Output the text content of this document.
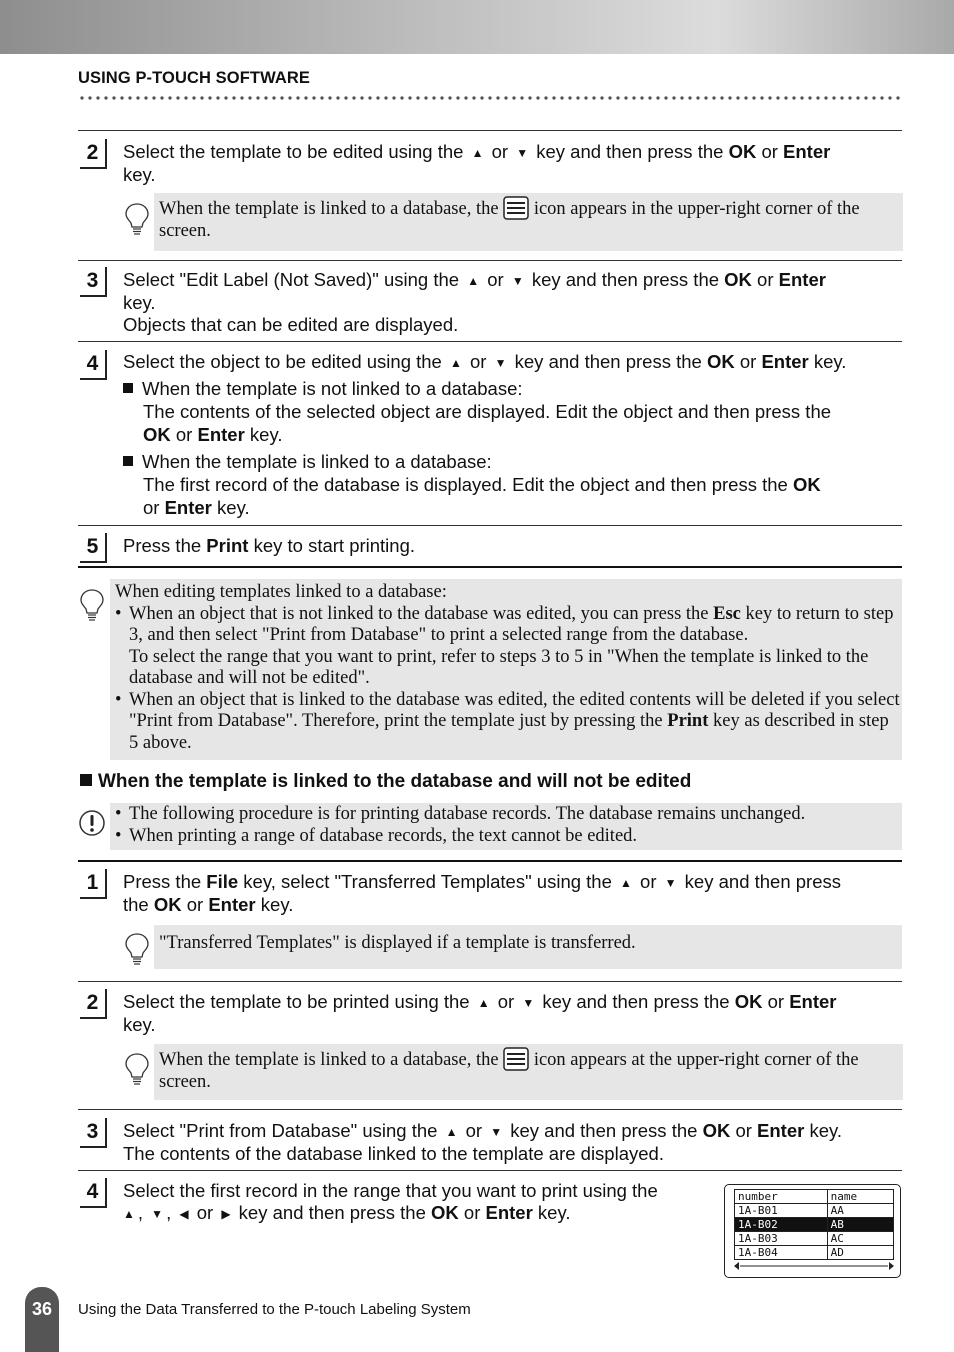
USING P-TOUCH SOFTWARE
2	Select the template to be edited using the ▲ or ▼ key and then press the OK or Enter
key.
When the template is linked to a database, the  icon appears in the upper-right corner of the screen.
3	Select "Edit Label (Not Saved)" using the ▲ or ▼ key and then press the OK or Enter
key.
Objects that can be edited are displayed.
4	Select the object to be edited using the ▲ or ▼ key and then press the OK or Enter key.
When the template is not linked to a database:
The contents of the selected object are displayed. Edit the object and then press the
OK or Enter key.
When the template is linked to a database:
The first record of the database is displayed. Edit the object and then press the OK
or Enter key.
5	Press the Print key to start printing.
When editing templates linked to a database:
• When an object that is not linked to the database was edited, you can press the Esc key to return to step 3, and then select "Print from Database" to print a selected range from the database.
To select the range that you want to print, refer to steps 3 to 5 in "When the template is linked to the database and will not be edited".
• When an object that is linked to the database was edited, the edited contents will be deleted if you select "Print from Database". Therefore, print the template just by pressing the Print key as described in step 5 above.
When the template is linked to the database and will not be edited
• The following procedure is for printing database records. The database remains unchanged.
• When printing a range of database records, the text cannot be edited.
1	Press the File key, select "Transferred Templates" using the ▲ or ▼ key and then press
the OK or Enter key.
"Transferred Templates" is displayed if a template is transferred.
2	Select the template to be printed using the ▲ or ▼ key and then press the OK or Enter
key.
When the template is linked to a database, the  icon appears at the upper-right corner of the screen.
3	Select "Print from Database" using the ▲ or ▼ key and then press the OK or Enter key.
The contents of the database linked to the template are displayed.
4	Select the first record in the range that you want to print using the
▲ , ▼ , ◀ or ▶ key and then press the OK or Enter key.
number	name
1A-B01	AA
1A-B02	AB
1A-B03	AC
1A-B04	AD
36	Using the Data Transferred to the P-touch Labeling System
